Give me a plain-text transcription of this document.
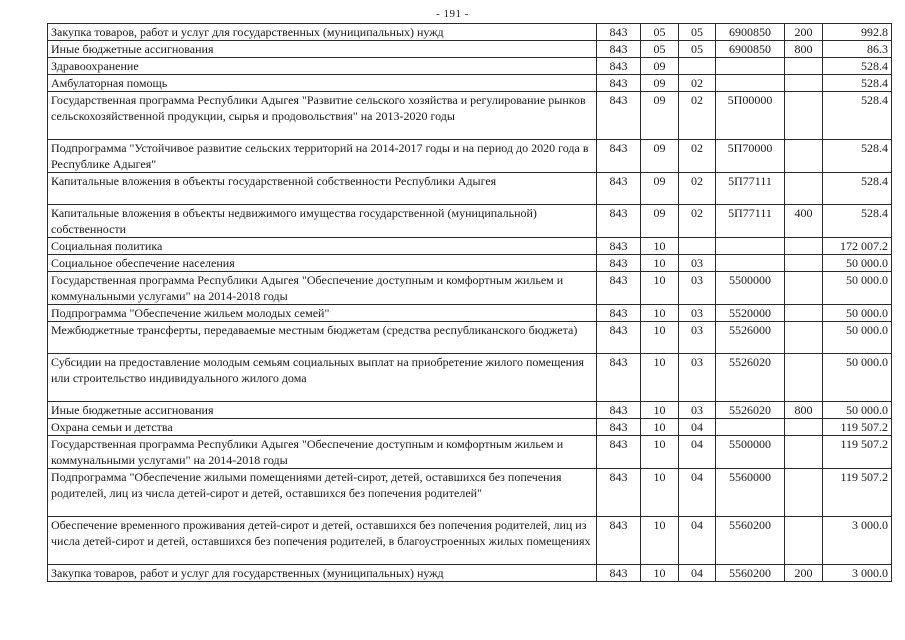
- 191 -
Закупка товаров, работ и услуг для государственных (муниципальных) нужд	843	05	05	6900850	200	992.8
Иные бюджетные ассигнования	843	05	05	6900850	800	86.3
Здравоохранение	843	09				528.4
Амбулаторная помощь	843	09	02			528.4
Государственная программа Республики Адыгея "Развитие сельского хозяйства и регулирование рынков сельскохозяйственной продукции, сырья и продовольствия" на 2013-2020 годы	843	09	02	5П00000		528.4
Подпрограмма "Устойчивое развитие сельских территорий на 2014-2017 годы и на период до 2020 года в Республике Адыгея"	843	09	02	5П70000		528.4
Капитальные вложения в объекты государственной собственности Республики Адыгея	843	09	02	5П77111		528.4
Капитальные вложения в объекты недвижимого имущества государственной (муниципальной) собственности	843	09	02	5П77111	400	528.4
Социальная политика	843	10				172 007.2
Социальное обеспечение населения	843	10	03			50 000.0
Государственная программа Республики Адыгея "Обеспечение доступным и комфортным жильем и коммунальными услугами" на 2014-2018 годы	843	10	03	5500000		50 000.0
Подпрограмма "Обеспечение жильем молодых семей"	843	10	03	5520000		50 000.0
Межбюджетные трансферты, передаваемые местным бюджетам (средства республиканского бюджета)	843	10	03	5526000		50 000.0
Субсидии на предоставление молодым семьям социальных выплат на приобретение жилого помещения или строительство индивидуального жилого дома	843	10	03	5526020		50 000.0
Иные бюджетные ассигнования	843	10	03	5526020	800	50 000.0
Охрана семьи и детства	843	10	04			119 507.2
Государственная программа Республики Адыгея "Обеспечение доступным и комфортным жильем и коммунальными услугами" на 2014-2018 годы	843	10	04	5500000		119 507.2
Подпрограмма "Обеспечение жилыми помещениями детей-сирот, детей, оставшихся без попечения родителей, лиц из числа детей-сирот и детей, оставшихся без попечения родителей"	843	10	04	5560000		119 507.2
Обеспечение временного проживания детей-сирот и детей, оставшихся без попечения родителей, лиц из числа детей-сирот и детей, оставшихся без попечения родителей, в благоустроенных жилых помещениях	843	10	04	5560200		3 000.0
Закупка товаров, работ и услуг для государственных (муниципальных) нужд	843	10	04	5560200	200	3 000.0
